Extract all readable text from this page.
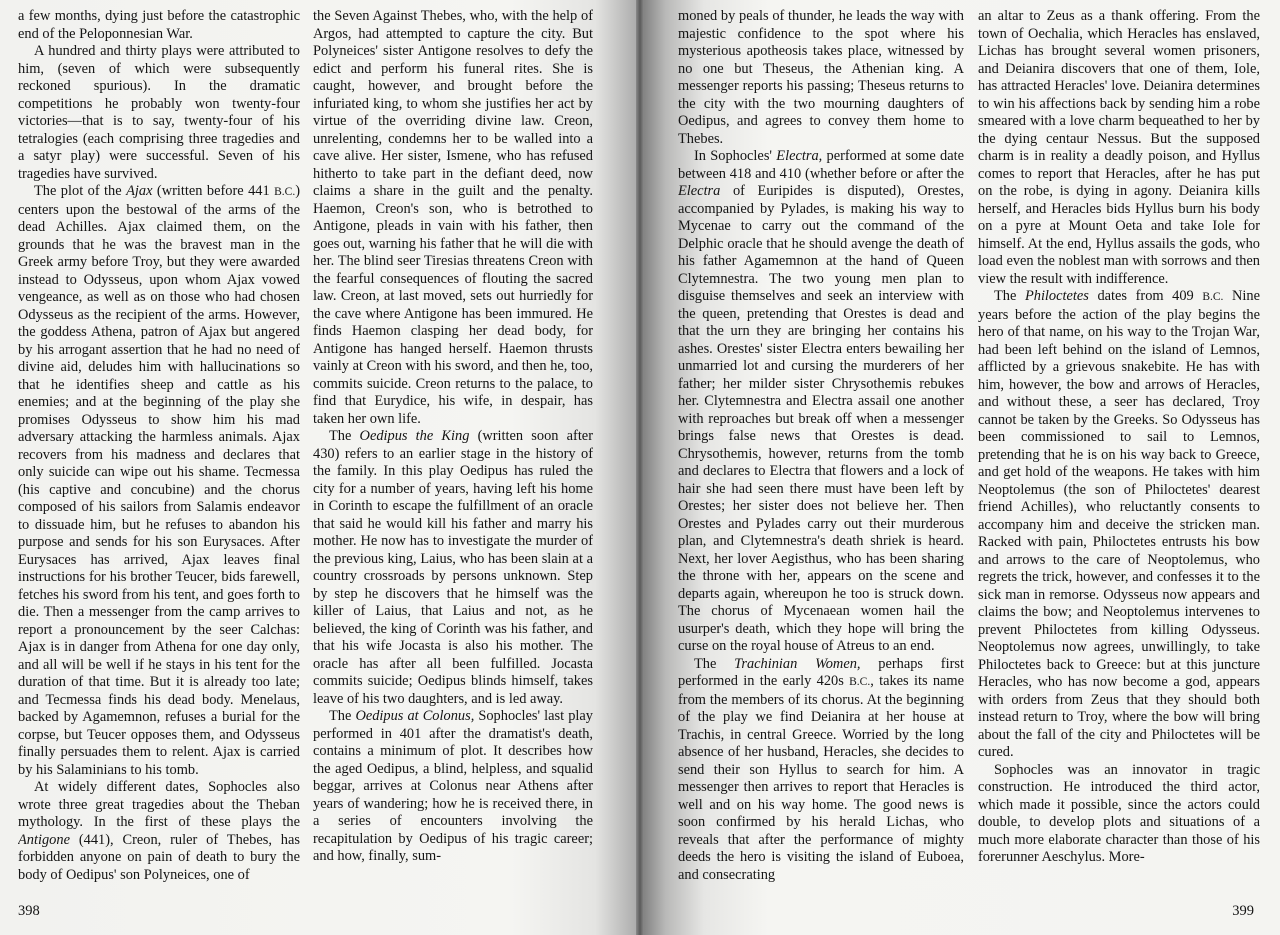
a few months, dying just before the catastrophic end of the Peloponnesian War.

A hundred and thirty plays were attributed to him, (seven of which were subsequently reckoned spurious). In the dramatic competitions he probably won twenty-four victories—that is to say, twenty-four of his tetralogies (each comprising three tragedies and a satyr play) were successful. Seven of his tragedies have survived.

The plot of the Ajax (written before 441 B.C.) centers upon the bestowal of the arms of the dead Achilles. Ajax claimed them, on the grounds that he was the bravest man in the Greek army before Troy, but they were awarded instead to Odysseus, upon whom Ajax vowed vengeance, as well as on those who had chosen Odysseus as the recipient of the arms. However, the goddess Athena, patron of Ajax but angered by his arrogant assertion that he had no need of divine aid, deludes him with hallucinations so that he identifies sheep and cattle as his enemies; and at the beginning of the play she promises Odysseus to show him his mad adversary attacking the harmless animals. Ajax recovers from his madness and declares that only suicide can wipe out his shame. Tecmessa (his captive and concubine) and the chorus composed of his sailors from Salamis endeavor to dissuade him, but he refuses to abandon his purpose and sends for his son Eurysaces. After Eurysaces has arrived, Ajax leaves final instructions for his brother Teucer, bids farewell, fetches his sword from his tent, and goes forth to die. Then a messenger from the camp arrives to report a pronouncement by the seer Calchas: Ajax is in danger from Athena for one day only, and all will be well if he stays in his tent for the duration of that time. But it is already too late; and Tecmessa finds his dead body. Menelaus, backed by Agamemnon, refuses a burial for the corpse, but Teucer opposes them, and Odysseus finally persuades them to relent. Ajax is carried by his Salaminians to his tomb.

At widely different dates, Sophocles also wrote three great tragedies about the Theban mythology. In the first of these plays the Antigone (441), Creon, ruler of Thebes, has forbidden anyone on pain of death to bury the body of Oedipus' son Polyneices, one of

the Seven Against Thebes, who, with the help of Argos, had attempted to capture the city. But Polyneices' sister Antigone resolves to defy the edict and perform his funeral rites. She is caught, however, and brought before the infuriated king, to whom she justifies her act by virtue of the overriding divine law. Creon, unrelenting, condemns her to be walled into a cave alive. Her sister, Ismene, who has refused hitherto to take part in the defiant deed, now claims a share in the guilt and the penalty. Haemon, Creon's son, who is betrothed to Antigone, pleads in vain with his father, then goes out, warning his father that he will die with her. The blind seer Tiresias threatens Creon with the fearful consequences of flouting the sacred law. Creon, at last moved, sets out hurriedly for the cave where Antigone has been immured. He finds Haemon clasping her dead body, for Antigone has hanged herself. Haemon thrusts vainly at Creon with his sword, and then he, too, commits suicide. Creon returns to the palace, to find that Eurydice, his wife, in despair, has taken her own life.

The Oedipus the King (written soon after 430) refers to an earlier stage in the history of the family. In this play Oedipus has ruled the city for a number of years, having left his home in Corinth to escape the fulfillment of an oracle that said he would kill his father and marry his mother. He now has to investigate the murder of the previous king, Laius, who has been slain at a country crossroads by persons unknown. Step by step he discovers that he himself was the killer of Laius, that Laius and not, as he believed, the king of Corinth was his father, and that his wife Jocasta is also his mother. The oracle has after all been fulfilled. Jocasta commits suicide; Oedipus blinds himself, takes leave of his two daughters, and is led away.

The Oedipus at Colonus, Sophocles' last play performed in 401 after the dramatist's death, contains a minimum of plot. It describes how the aged Oedipus, a blind, helpless, and squalid beggar, arrives at Colonus near Athens after years of wandering; how he is received there, in a series of encounters involving the recapitulation by Oedipus of his tragic career; and how, finally, sum-

398

moned by peals of thunder, he leads the way with majestic confidence to the spot where his mysterious apotheosis takes place, witnessed by no one but Theseus, the Athenian king. A messenger reports his passing; Theseus returns to the city with the two mourning daughters of Oedipus, and agrees to convey them home to Thebes.

In Sophocles' Electra, performed at some date between 418 and 410 (whether before or after the Electra of Euripides is disputed), Orestes, accompanied by Pylades, is making his way to Mycenae to carry out the command of the Delphic oracle that he should avenge the death of his father Agamemnon at the hand of Queen Clytemnestra. The two young men plan to disguise themselves and seek an interview with the queen, pretending that Orestes is dead and that the urn they are bringing her contains his ashes. Orestes' sister Electra enters bewailing her unmarried lot and cursing the murderers of her father; her milder sister Chrysothemis rebukes her. Clytemnestra and Electra assail one another with reproaches but break off when a messenger brings false news that Orestes is dead. Chrysothemis, however, returns from the tomb and declares to Electra that flowers and a lock of hair she had seen there must have been left by Orestes; her sister does not believe her. Then Orestes and Pylades carry out their murderous plan, and Clytemnestra's death shriek is heard. Next, her lover Aegisthus, who has been sharing the throne with her, appears on the scene and departs again, whereupon he too is struck down. The chorus of Mycenaean women hail the usurper's death, which they hope will bring the curse on the royal house of Atreus to an end.

The Trachinian Women, perhaps first performed in the early 420s B.C., takes its name from the members of its chorus. At the beginning of the play we find Deianira at her house at Trachis, in central Greece. Worried by the long absence of her husband, Heracles, she decides to send their son Hyllus to search for him. A messenger then arrives to report that Heracles is well and on his way home. The good news is soon confirmed by his herald Lichas, who reveals that after the performance of mighty deeds the hero is visiting the island of Euboea, and consecrating

an altar to Zeus as a thank offering. From the town of Oechalia, which Heracles has enslaved, Lichas has brought several women prisoners, and Deianira discovers that one of them, Iole, has attracted Heracles' love. Deianira determines to win his affections back by sending him a robe smeared with a love charm bequeathed to her by the dying centaur Nessus. But the supposed charm is in reality a deadly poison, and Hyllus comes to report that Heracles, after he has put on the robe, is dying in agony. Deianira kills herself, and Heracles bids Hyllus burn his body on a pyre at Mount Oeta and take Iole for himself. At the end, Hyllus assails the gods, who load even the noblest man with sorrows and then view the result with indifference.

The Philoctetes dates from 409 B.C. Nine years before the action of the play begins the hero of that name, on his way to the Trojan War, had been left behind on the island of Lemnos, afflicted by a grievous snakebite. He has with him, however, the bow and arrows of Heracles, and without these, a seer has declared, Troy cannot be taken by the Greeks. So Odysseus has been commissioned to sail to Lemnos, pretending that he is on his way back to Greece, and get hold of the weapons. He takes with him Neoptolemus (the son of Philoctetes' dearest friend Achilles), who reluctantly consents to accompany him and deceive the stricken man. Racked with pain, Philoctetes entrusts his bow and arrows to the care of Neoptolemus, who regrets the trick, however, and confesses it to the sick man in remorse. Odysseus now appears and claims the bow; and Neoptolemus intervenes to prevent Philoctetes from killing Odysseus. Neoptolemus now agrees, unwillingly, to take Philoctetes back to Greece: but at this juncture Heracles, who has now become a god, appears with orders from Zeus that they should both instead return to Troy, where the bow will bring about the fall of the city and Philoctetes will be cured.

Sophocles was an innovator in tragic construction. He introduced the third actor, which made it possible, since the actors could double, to develop plots and situations of a much more elaborate character than those of his forerunner Aeschylus. More-

399
